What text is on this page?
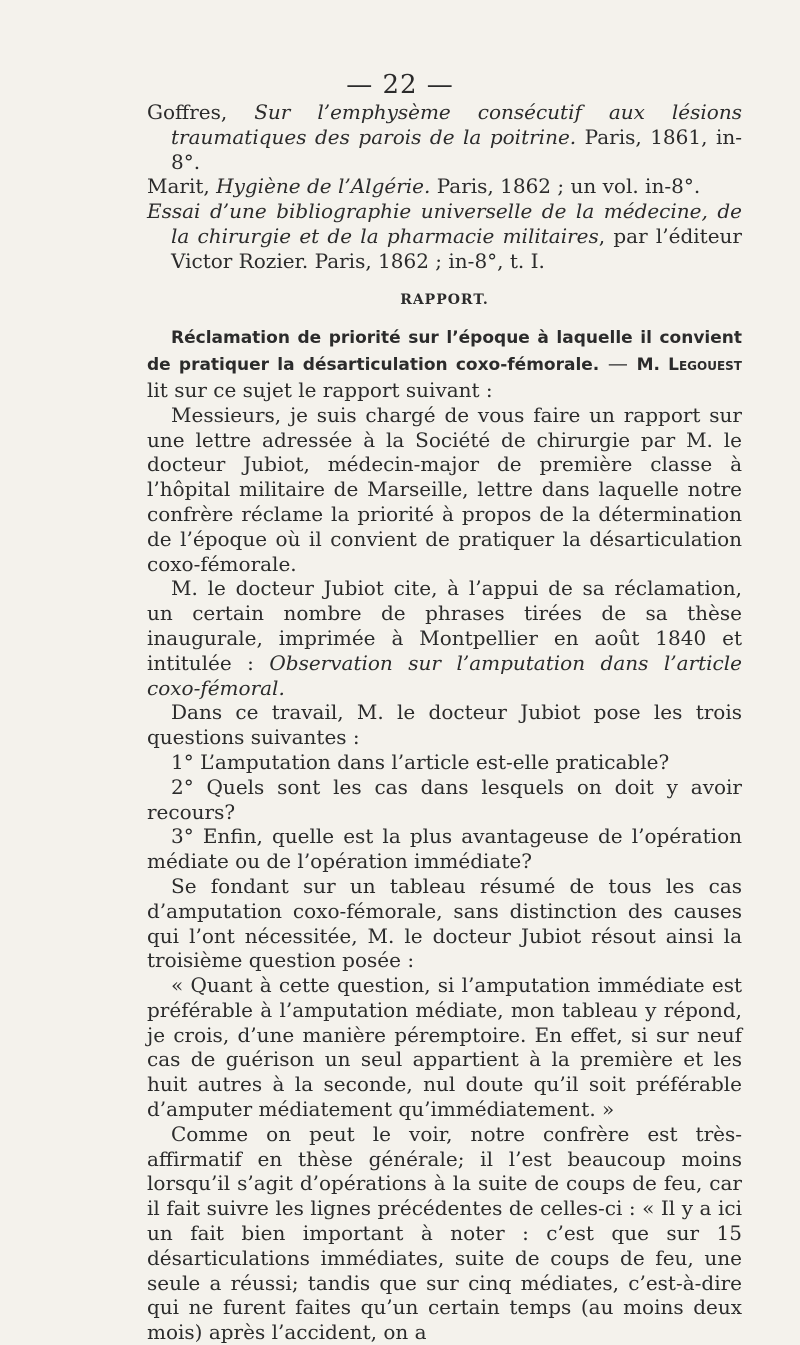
— 22 —

Goffres, Sur l’emphysème consécutif aux lésions traumatiques des parois de la poitrine. Paris, 1861, in-8°.

Marit, Hygiène de l’Algérie. Paris, 1862 ; un vol. in-8°.

Essai d’une bibliographie universelle de la médecine, de la chirurgie et de la pharmacie militaires, par l’éditeur Victor Rozier. Paris, 1862 ; in-8°, t. I.

RAPPORT.

Réclamation de priorité sur l’époque à laquelle il convient de pratiquer la désarticulation coxo-fémorale. — M. Legouest lit sur ce sujet le rapport suivant :

Messieurs, je suis chargé de vous faire un rapport sur une lettre adressée à la Société de chirurgie par M. le docteur Jubiot, médecin-major de première classe à l’hôpital militaire de Marseille, lettre dans laquelle notre confrère réclame la priorité à propos de la détermination de l’époque où il convient de pratiquer la désarticulation coxo-fémorale.

M. le docteur Jubiot cite, à l’appui de sa réclamation, un certain nombre de phrases tirées de sa thèse inaugurale, imprimée à Montpellier en août 1840 et intitulée : Observation sur l’amputation dans l’article coxo-fémoral.

Dans ce travail, M. le docteur Jubiot pose les trois questions suivantes :

1° L’amputation dans l’article est-elle praticable?

2° Quels sont les cas dans lesquels on doit y avoir recours?

3° Enfin, quelle est la plus avantageuse de l’opération médiate ou de l’opération immédiate?

Se fondant sur un tableau résumé de tous les cas d’amputation coxo-fémorale, sans distinction des causes qui l’ont nécessitée, M. le docteur Jubiot résout ainsi la troisième question posée :

« Quant à cette question, si l’amputation immédiate est préférable à l’amputation médiate, mon tableau y répond, je crois, d’une manière péremptoire. En effet, si sur neuf cas de guérison un seul appartient à la première et les huit autres à la seconde, nul doute qu’il soit préférable d’amputer médiatement qu’immédiatement. »

Comme on peut le voir, notre confrère est très-affirmatif en thèse générale; il l’est beaucoup moins lorsqu’il s’agit d’opérations à la suite de coups de feu, car il fait suivre les lignes précédentes de celles-ci : « Il y a ici un fait bien important à noter : c’est que sur 15 désarticulations immédiates, suite de coups de feu, une seule a réussi; tandis que sur cinq médiates, c’est-à-dire qui ne furent faites qu’un certain temps (au moins deux mois) après l’accident, on a
